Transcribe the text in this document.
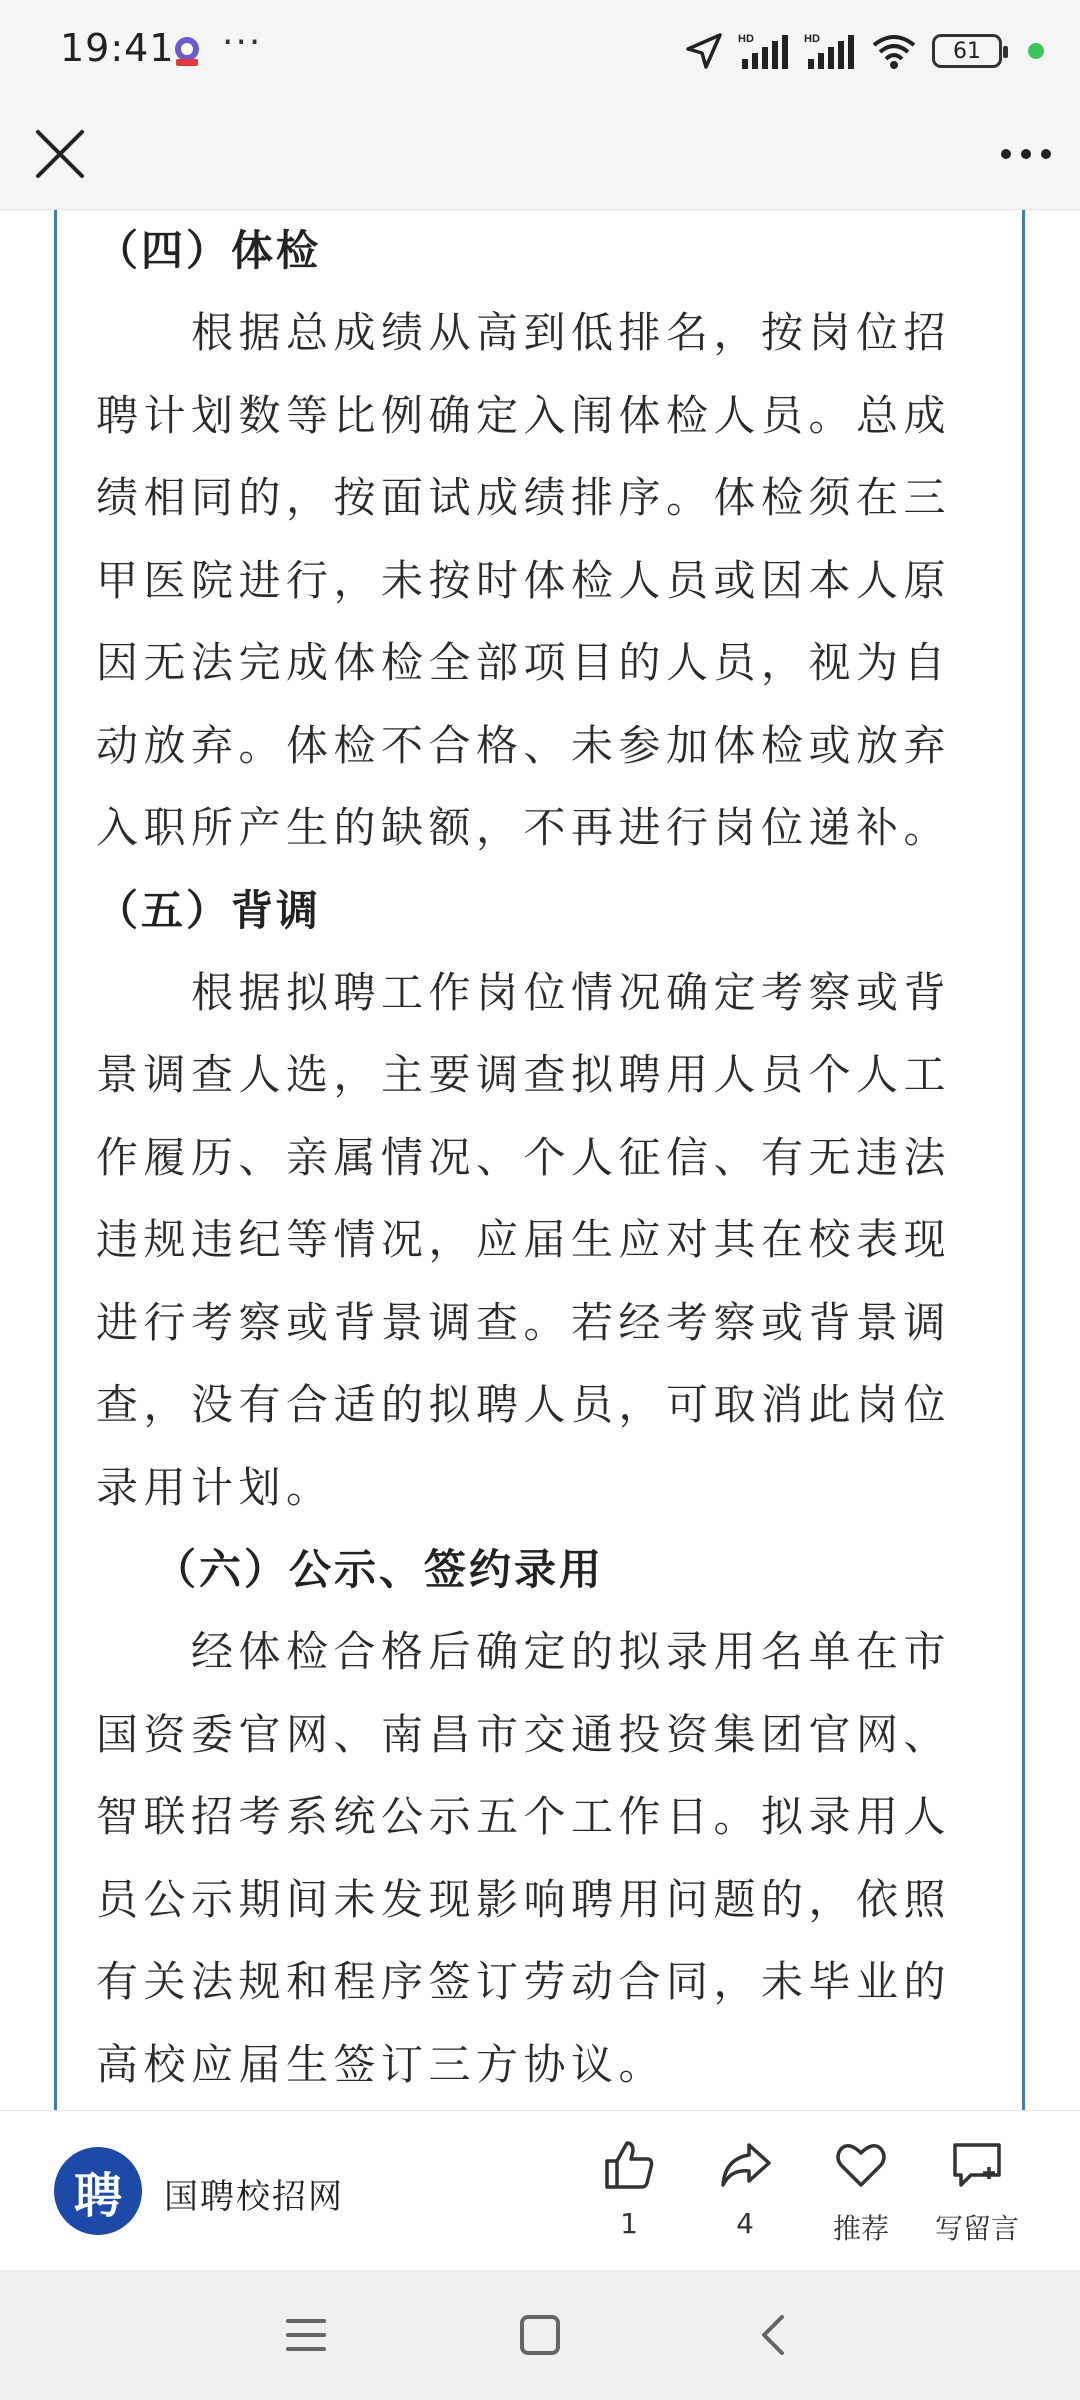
19:41 ···	HD	HD	61
（四）体检
　　根据总成绩从高到低排名，按岗位招
聘计划数等比例确定入闱体检人员。总成
绩相同的，按面试成绩排序。体检须在三
甲医院进行，未按时体检人员或因本人原
因无法完成体检全部项目的人员，视为自
动放弃。体检不合格、未参加体检或放弃
入职所产生的缺额，不再进行岗位递补。
（五）背调
　　根据拟聘工作岗位情况确定考察或背
景调查人选，主要调查拟聘用人员个人工
作履历、亲属情况、个人征信、有无违法
违规违纪等情况，应届生应对其在校表现
进行考察或背景调查。若经考察或背景调
查，没有合适的拟聘人员，可取消此岗位
录用计划。
（六）公示、签约录用
　　经体检合格后确定的拟录用名单在市
国资委官网、南昌市交通投资集团官网、
智联招考系统公示五个工作日。拟录用人
员公示期间未发现影响聘用问题的，依照
有关法规和程序签订劳动合同，未毕业的
高校应届生签订三方协议。
聘 国聘校招网
1	4	推荐	写留言
